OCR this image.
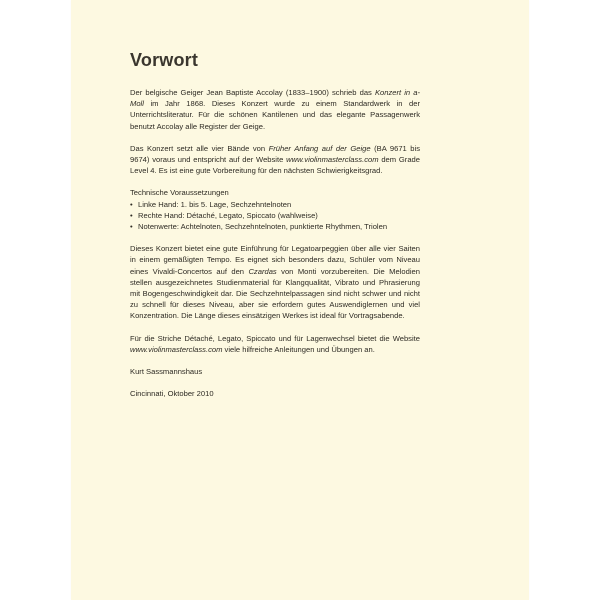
Vorwort

Der belgische Geiger Jean Baptiste Accolay (1833–1900) schrieb das Konzert in a-Moll im Jahr 1868. Dieses Konzert wurde zu einem Standardwerk in der Unterrichtsliteratur. Für die schönen Kantilenen und das elegante Passagenwerk benutzt Accolay alle Register der Geige.

Das Konzert setzt alle vier Bände von Früher Anfang auf der Geige (BA 9671 bis 9674) voraus und entspricht auf der Website www.violinmasterclass.com dem Grade Level 4. Es ist eine gute Vorbereitung für den nächsten Schwierigkeitsgrad.

Technische Voraussetzungen
• Linke Hand: 1. bis 5. Lage, Sechzehntelnoten
• Rechte Hand: Détaché, Legato, Spiccato (wahlweise)
• Notenwerte: Achtelnoten, Sechzehntelnoten, punktierte Rhythmen, Triolen

Dieses Konzert bietet eine gute Einführung für Legatoarpeggien über alle vier Saiten in einem gemäßigten Tempo. Es eignet sich besonders dazu, Schüler vom Niveau eines Vivaldi-Concertos auf den Czardas von Monti vorzubereiten. Die Melodien stellen ausgezeichnetes Studienmaterial für Klangqualität, Vibrato und Phrasierung mit Bogengeschwindigkeit dar. Die Sechzehntelpassagen sind nicht schwer und nicht zu schnell für dieses Niveau, aber sie erfordern gutes Auswendiglernen und viel Konzentration. Die Länge dieses einsätzigen Werkes ist ideal für Vortragsabende.

Für die Striche Détaché, Legato, Spiccato und für Lagenwechsel bietet die Website www.violinmasterclass.com viele hilfreiche Anleitungen und Übungen an.

Kurt Sassmannshaus

Cincinnati, Oktober 2010
